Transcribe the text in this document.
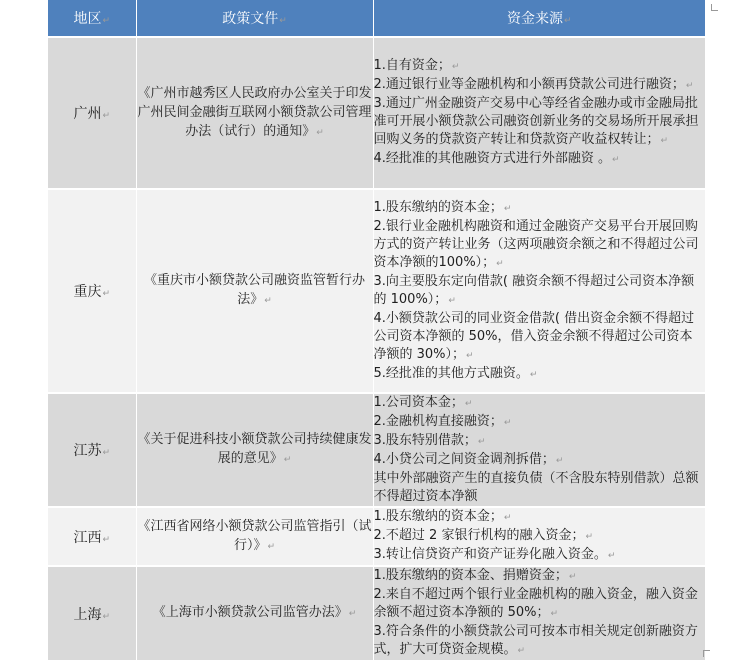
地区↵	政策文件↵	资金来源↵
广州↵	《广州市越秀区人民政府办公室关于印发广州民间金融街互联网小额贷款公司管理办法（试行）的通知》↵	1.自有资金；↵
2.通过银行业等金融机构和小额再贷款公司进行融资；↵
3.通过广州金融资产交易中心等经省金融办或市金融局批准可开展小额贷款公司融资创新业务的交易场所开展承担回购义务的贷款资产转让和贷款资产收益权转让；↵
4.经批准的其他融资方式进行外部融资 。↵

重庆↵	《重庆市小额贷款公司融资监管暂行办法》↵	1.股东缴纳的资本金；↵
2.银行业金融机构融资和通过金融资产交易平台开展回购方式的资产转让业务（这两项融资余额之和不得超过公司资本净额的100%）；↵
3.向主要股东定向借款( 融资余额不得超过公司资本净额的 100%）；↵
4.小额贷款公司的同业资金借款( 借出资金余额不得超过公司资本净额的 50%，借入资金余额不得超过公司资本净额的 30%）；↵
5.经批准的其他方式融资。↵

江苏↵	《关于促进科技小额贷款公司持续健康发展的意见》↵	1.公司资本金；↵
2.金融机构直接融资；↵
3.股东特别借款；↵
4.小贷公司之间资金调剂拆借；↵
其中外部融资产生的直接负债（不含股东特别借款）总额不得超过资本净额

江西↵	《江西省网络小额贷款公司监管指引（试行）》↵	1.股东缴纳的资本金；↵
2.不超过 2 家银行机构的融入资金；↵
3.转让信贷资产和资产证券化融入资金。↵

上海↵	《上海市小额贷款公司监管办法》↵	1.股东缴纳的资本金、捐赠资金；↵
2.来自不超过两个银行业金融机构的融入资金，融入资金余额不超过资本净额的 50%；↵
3.符合条件的小额贷款公司可按本市相关规定创新融资方式，扩大可贷资金规模。↵
